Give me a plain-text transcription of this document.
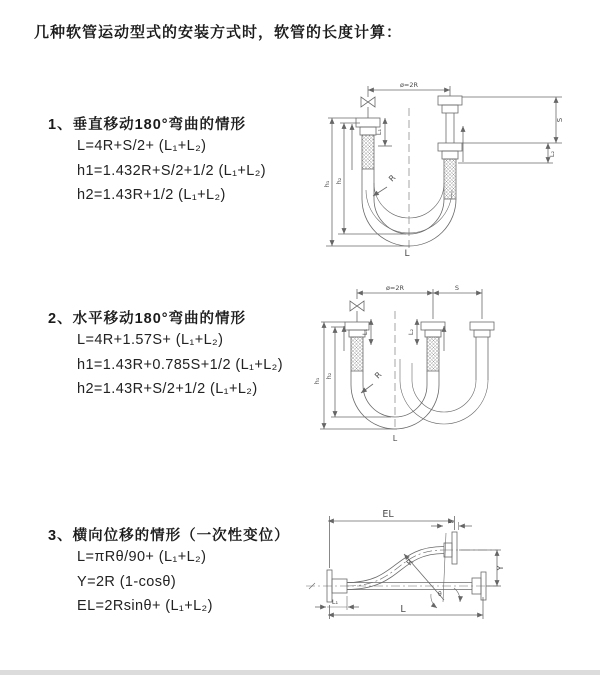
几种软管运动型式的安装方式时，软管的长度计算：
1、垂直移动180°弯曲的情形
L=4R+S/2+ (L₁+L₂)
h1=1.432R+S/2+1/2 (L₁+L₂)
h2=1.43R+1/2 (L₁+L₂)
2、水平移动180°弯曲的情形
L=4R+1.57S+ (L₁+L₂)
h1=1.43R+0.785S+1/2 (L₁+L₂)
h2=1.43R+S/2+1/2 (L₁+L₂)
3、横向位移的情形（一次性变位）
L=πRθ/90+ (L₁+L₂)
Y=2R (1-cosθ)
EL=2Rsinθ+ (L₁+L₂)
ø=2R
R
h₁ h₂
L₁
S
L₂
L
ø=2R	S
h₁
h₂
L₁	L₂
R
L
EL
L₂
Y
R
θ
L
L₁
